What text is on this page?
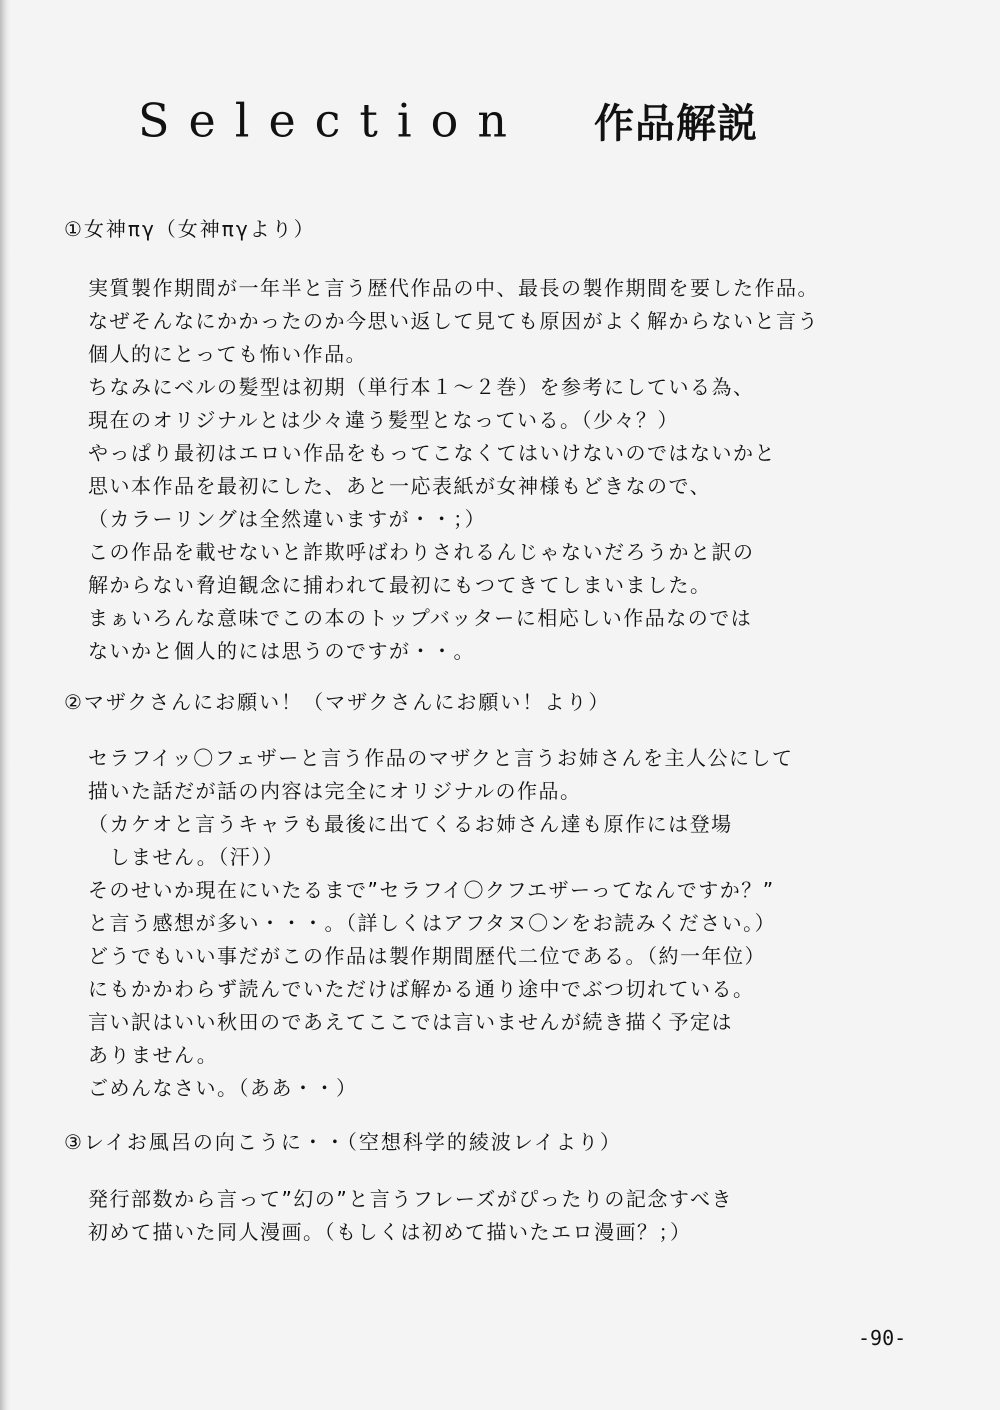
Selection 作品解説
①女神πγ（女神πγより）
実質製作期間が一年半と言う歴代作品の中、最長の製作期間を要した作品。
なぜそんなにかかったのか今思い返して見ても原因がよく解からないと言う
個人的にとっても怖い作品。
ちなみにベルの髪型は初期（単行本１～２巻）を参考にしている為、
現在のオリジナルとは少々違う髪型となっている。（少々？）
やっぱり最初はエロい作品をもってこなくてはいけないのではないかと
思い本作品を最初にした、あと一応表紙が女神様もどきなので、
（カラーリングは全然違いますが・・；）
この作品を載せないと詐欺呼ばわりされるんじゃないだろうかと訳の
解からない脅迫観念に捕われて最初にもつてきてしまいました。
まぁいろんな意味でこの本のトップバッターに相応しい作品なのでは
ないかと個人的には思うのですが・・。
②マザクさんにお願い！（マザクさんにお願い！より）
セラフイッ〇フェザーと言う作品のマザクと言うお姉さんを主人公にして
描いた話だが話の内容は完全にオリジナルの作品。
（カケオと言うキャラも最後に出てくるお姉さん達も原作には登場
　しません。（汗））
そのせいか現在にいたるまで”セラフイ〇クフエザーってなんですか？”
と言う感想が多い・・・。（詳しくはアフタヌ〇ンをお読みください。）
どうでもいい事だがこの作品は製作期間歴代二位である。（約一年位）
にもかかわらず読んでいただけば解かる通り途中でぶつ切れている。
言い訳はいい秋田のであえてここでは言いませんが続き描く予定は
ありません。
ごめんなさい。（ああ・・）
③レイお風呂の向こうに・・（空想科学的綾波レイより）
発行部数から言って”幻の”と言うフレーズがぴったりの記念すべき
初めて描いた同人漫画。（もしくは初めて描いたエロ漫画？；）
-90-
